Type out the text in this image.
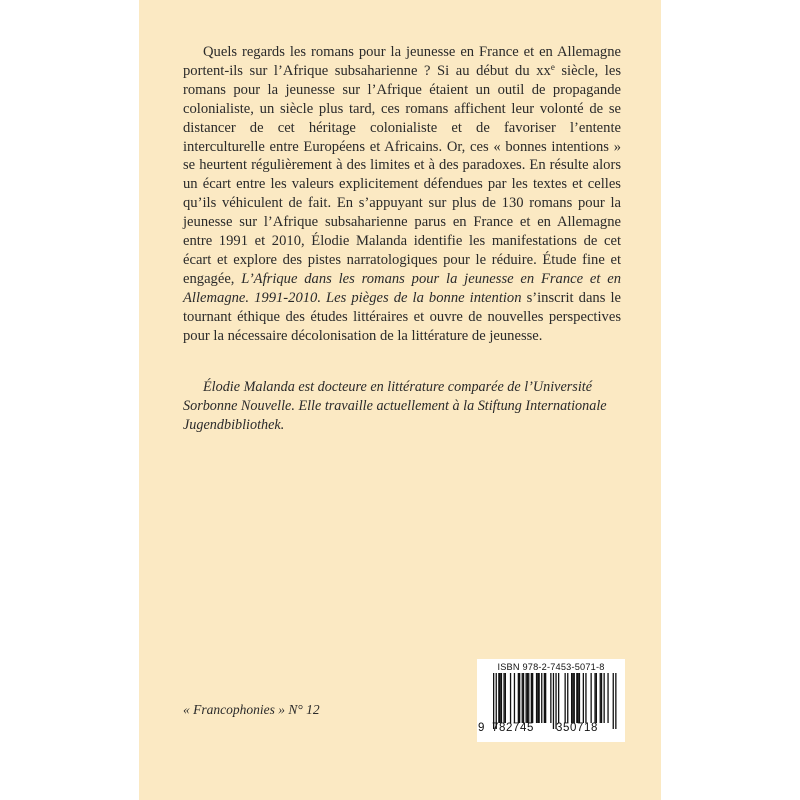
Quels regards les romans pour la jeunesse en France et en Allemagne portent-ils sur l’Afrique subsaharienne ? Si au début du $xx^e$ siècle, les romans pour la jeunesse sur l’Afrique étaient un outil de propagande colonialiste, un siècle plus tard, ces romans affichent leur volonté de se distancer de cet héritage colonialiste et de favoriser l’entente interculturelle entre Européens et Africains. Or, ces « bonnes intentions » se heurtent régulièrement à des limites et à des paradoxes. En résulte alors un écart entre les valeurs explicitement défendues par les textes et celles qu’ils véhiculent de fait. En s’appuyant sur plus de 130 romans pour la jeunesse sur l’Afrique subsaharienne parus en France et en Allemagne entre 1991 et 2010, Élodie Malanda identifie les manifestations de cet écart et explore des pistes narratologiques pour le réduire. Étude fine et engagée, L’Afrique dans les romans pour la jeunesse en France et en Allemagne. 1991-2010. Les pièges de la bonne intention s’inscrit dans le tournant éthique des études littéraires et ouvre de nouvelles perspectives pour la nécessaire décolonisation de la littérature de jeunesse.

Élodie Malanda est docteure en littérature comparée de l’Université Sorbonne Nouvelle. Elle travaille actuellement à la Stiftung Internationale Jugendbibliothek.

« Francophonies » N° 12
ISBN 978-2-7453-5071-8
9 782745 350718
